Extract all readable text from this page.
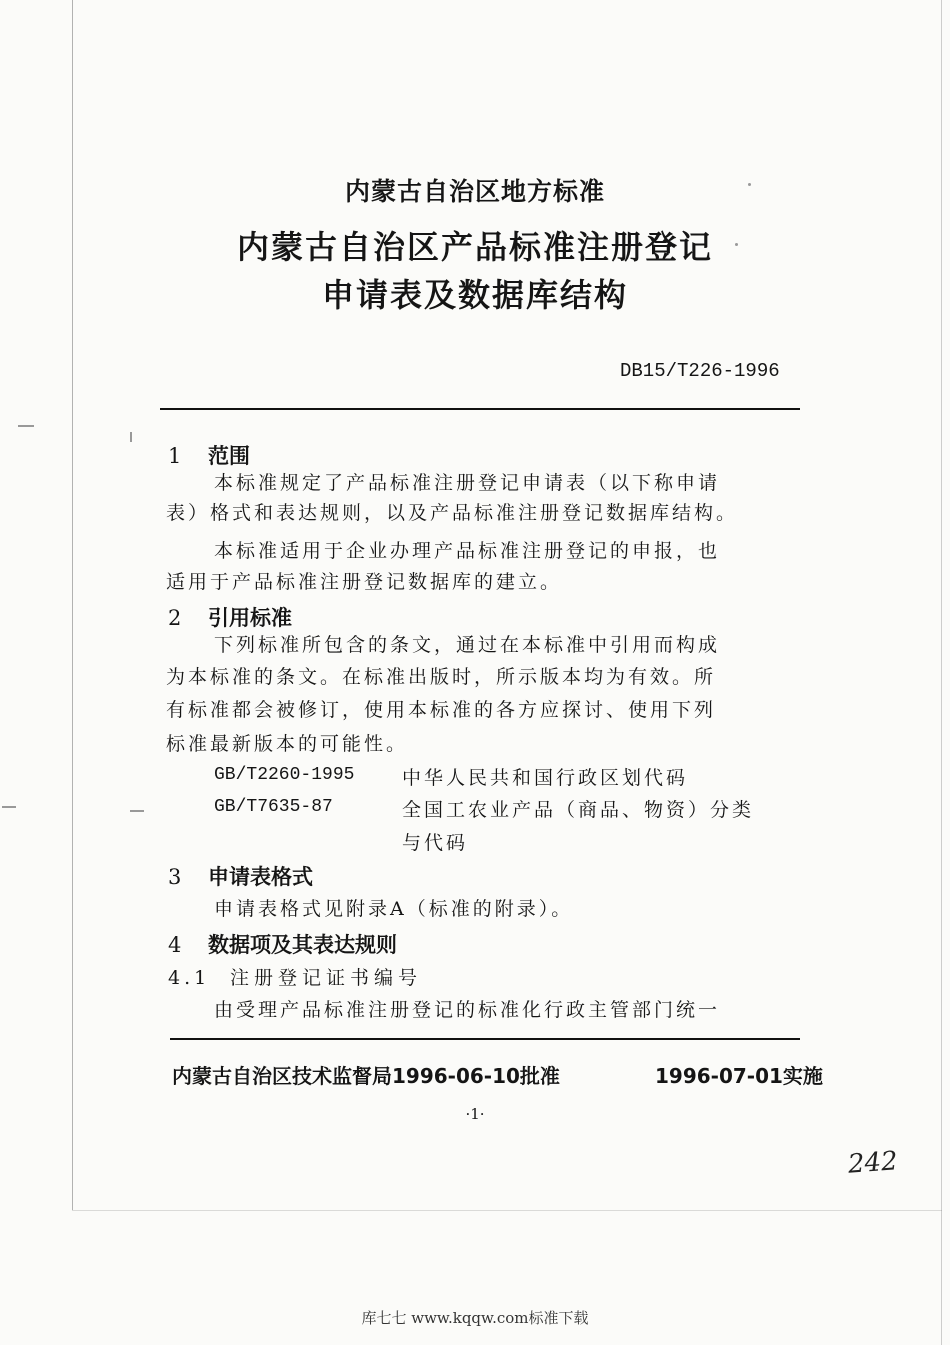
内蒙古自治区地方标准
内蒙古自治区产品标准注册登记
申请表及数据库结构
DB15/T226-1996
1 范围
本标准规定了产品标准注册登记申请表（以下称申请
表）格式和表达规则，以及产品标准注册登记数据库结构。
本标准适用于企业办理产品标准注册登记的申报，也
适用于产品标准注册登记数据库的建立。
2 引用标准
下列标准所包含的条文，通过在本标准中引用而构成
为本标准的条文。在标准出版时，所示版本均为有效。所
有标准都会被修订，使用本标准的各方应探讨、使用下列
标准最新版本的可能性。
GB/T2260-1995	中华人民共和国行政区划代码
GB/T7635-87	全国工农业产品（商品、物资）分类
与代码
3 申请表格式
申请表格式见附录A（标准的附录）。
4 数据项及其表达规则
4.1 注册登记证书编号
由受理产品标准注册登记的标准化行政主管部门统一
内蒙古自治区技术监督局1996-06-10批准	1996-07-01实施
·1·
242
库七七 www.kqqw.com标准下载
